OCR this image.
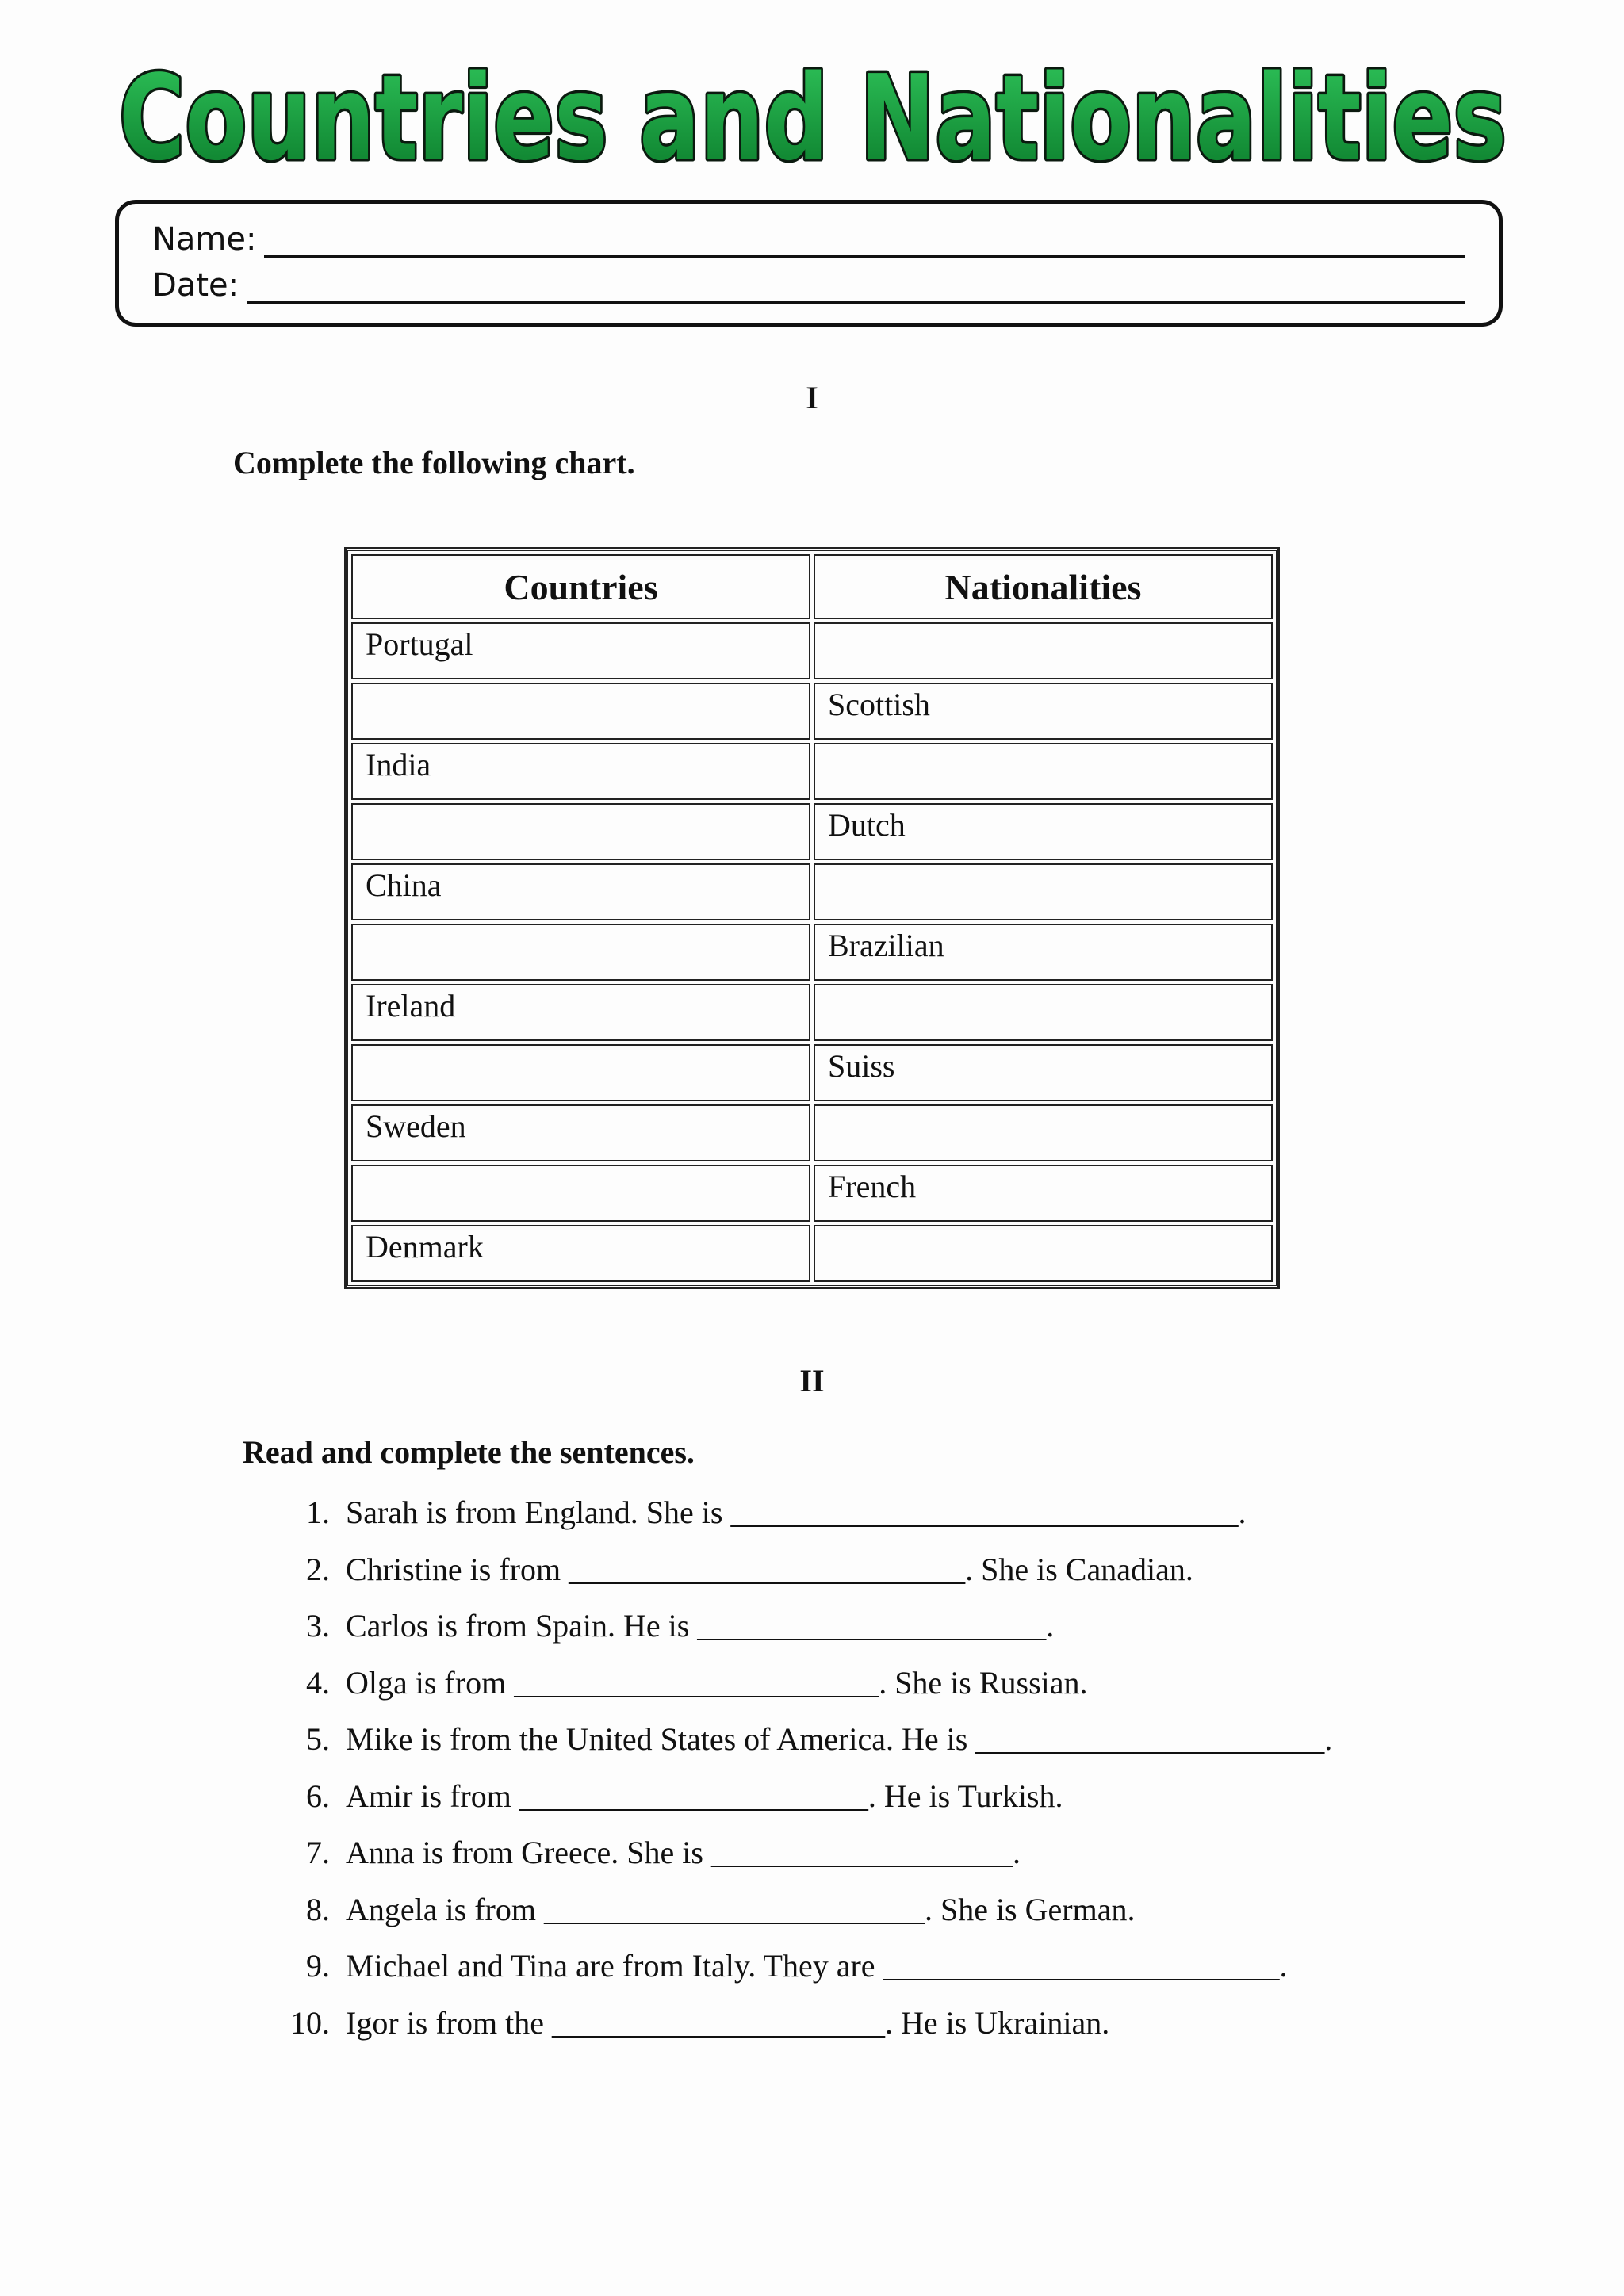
Countries and Nationalities
Name:
Date:
I
Complete the following chart.
Countries	Nationalities
Portugal	
	Scottish
India	
	Dutch
China	
	Brazilian
Ireland	
	Suiss
Sweden	
	French
Denmark	
II
Read and complete the sentences.
1. Sarah is from England. She is ________________________________.
2. Christine is from _________________________. She is Canadian.
3. Carlos is from Spain. He is ______________________.
4. Olga is from _______________________. She is Russian.
5. Mike is from the United States of America. He is ______________________.
6. Amir is from ______________________. He is Turkish.
7. Anna is from Greece. She is ___________________.
8. Angela is from ________________________. She is German.
9. Michael and Tina are from Italy. They are _________________________.
10. Igor is from the _____________________. He is Ukrainian.
